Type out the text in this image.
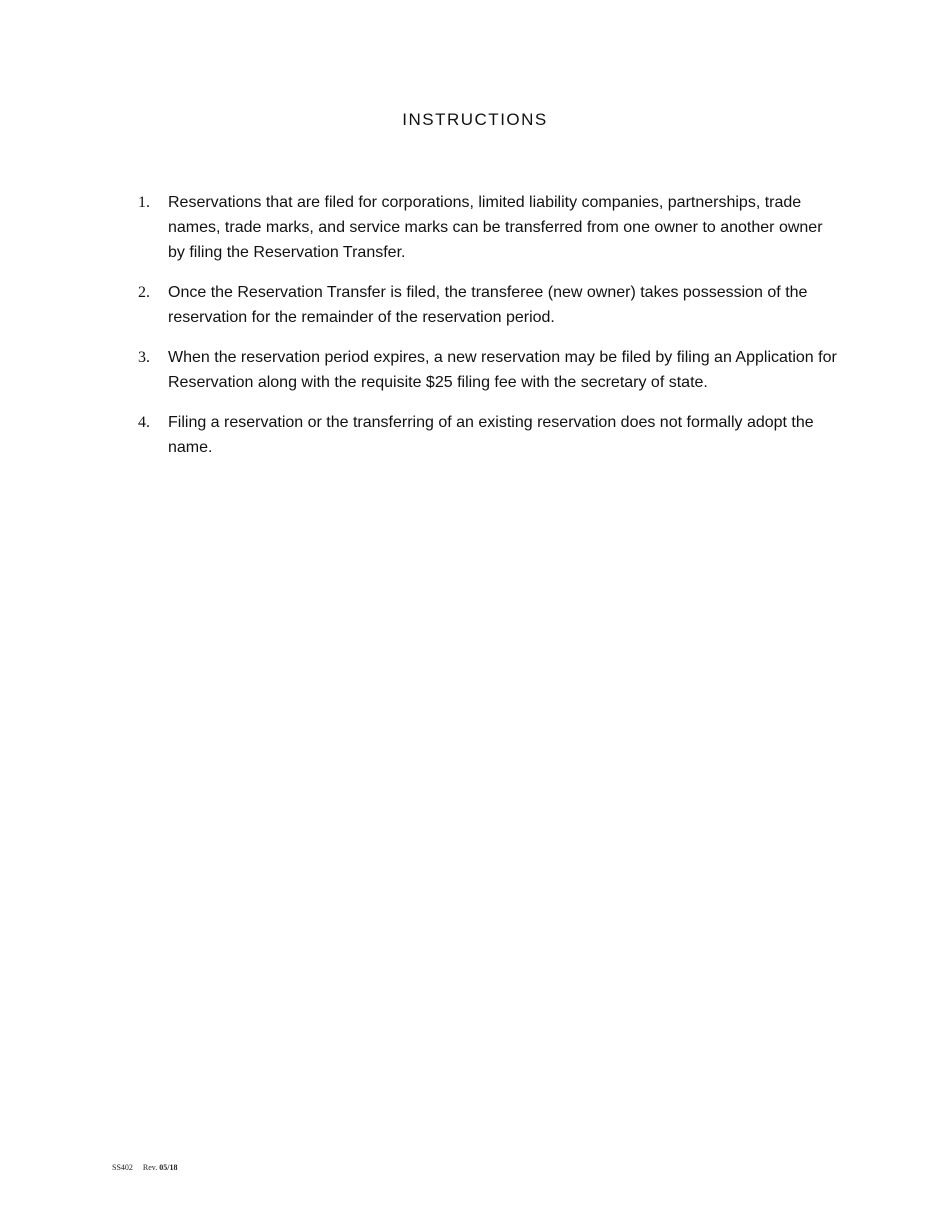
INSTRUCTIONS
1.	Reservations that are filed for corporations, limited liability companies, partnerships, trade names, trade marks, and service marks can be transferred from one owner to another owner by filing the Reservation Transfer.
2.	Once the Reservation Transfer is filed, the transferee (new owner) takes possession of the reservation for the remainder of the reservation period.
3.	When the reservation period expires, a new reservation may be filed by filing an Application for Reservation along with the requisite $25 filing fee with the secretary of state.
4.	Filing a reservation or the transferring of an existing reservation does not formally adopt the name.
SS402 Rev. 05/18
